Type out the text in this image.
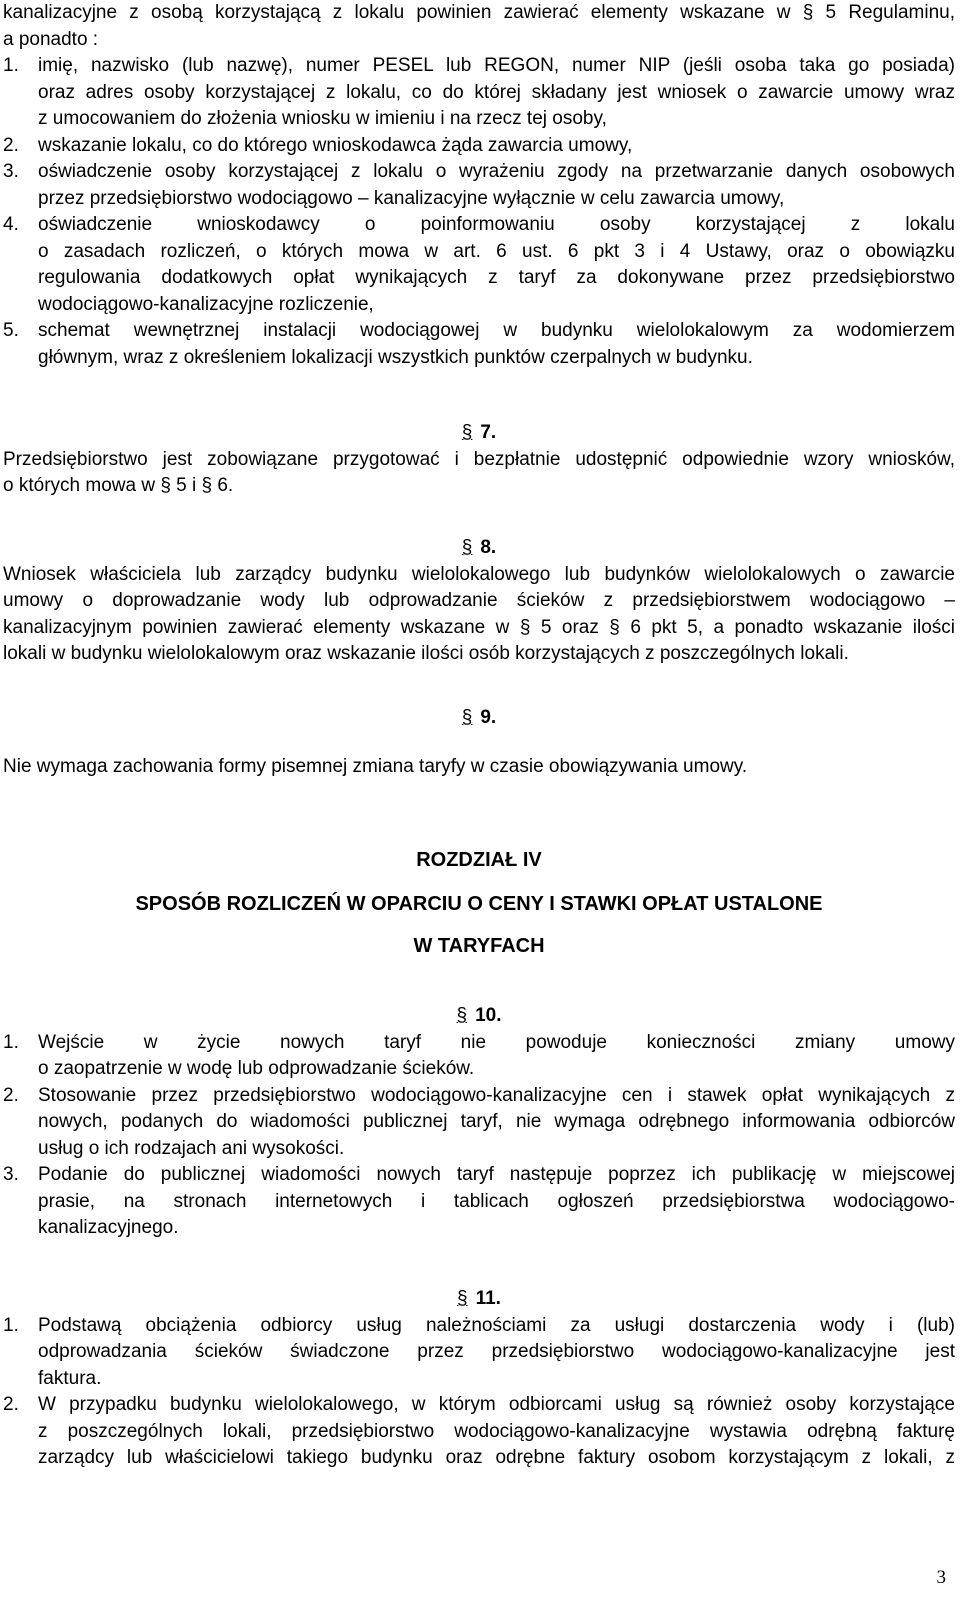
kanalizacyjne z osobą korzystającą z lokalu powinien zawierać elementy wskazane w § 5 Regulaminu,

a ponadto :

1.	imię, nazwisko (lub nazwę), numer PESEL lub REGON, numer NIP (jeśli osoba taka go posiada)

oraz adres osoby korzystającej z lokalu, co do której składany jest wniosek o zawarcie umowy wraz

z umocowaniem do złożenia wniosku w imieniu i na rzecz tej osoby,

2.	wskazanie lokalu, co do którego wnioskodawca żąda zawarcia umowy,

3.	oświadczenie osoby korzystającej z lokalu o wyrażeniu zgody na przetwarzanie danych osobowych

przez przedsiębiorstwo wodociągowo – kanalizacyjne wyłącznie w celu zawarcia umowy,

4.	oświadczenie wnioskodawcy o poinformowaniu osoby korzystającej z lokalu

o zasadach rozliczeń, o których mowa w art. 6 ust. 6 pkt 3 i 4 Ustawy, oraz o obowiązku

regulowania dodatkowych opłat wynikających z taryf za dokonywane przez przedsiębiorstwo

wodociągowo-kanalizacyjne rozliczenie,

5.	schemat wewnętrznej instalacji wodociągowej w budynku wielolokalowym za wodomierzem

głównym, wraz z określeniem lokalizacji wszystkich punktów czerpalnych w budynku.

§ 7.

Przedsiębiorstwo jest zobowiązane przygotować i bezpłatnie udostępnić odpowiednie wzory wniosków,

o których mowa w § 5 i § 6.

§ 8.

Wniosek właściciela lub zarządcy budynku wielolokalowego lub budynków wielolokalowych o zawarcie

umowy o doprowadzanie wody lub odprowadzanie ścieków z przedsiębiorstwem wodociągowo –

kanalizacyjnym powinien zawierać elementy wskazane w § 5 oraz § 6 pkt 5, a ponadto wskazanie ilości

lokali w budynku wielolokalowym oraz wskazanie ilości osób korzystających z poszczególnych lokali.

§ 9.

Nie wymaga zachowania formy pisemnej zmiana taryfy w czasie obowiązywania umowy.

ROZDZIAŁ IV

SPOSÓB ROZLICZEŃ W OPARCIU O CENY I STAWKI OPŁAT USTALONE

W TARYFACH

§ 10.

1.	Wejście w życie nowych taryf nie powoduje konieczności zmiany umowy

o zaopatrzenie w wodę lub odprowadzanie ścieków.

2.	Stosowanie przez przedsiębiorstwo wodociągowo-kanalizacyjne cen i stawek opłat wynikających z

nowych, podanych do wiadomości publicznej taryf, nie wymaga odrębnego informowania odbiorców

usług o ich rodzajach ani wysokości.

3.	Podanie do publicznej wiadomości nowych taryf następuje poprzez ich publikację w miejscowej

prasie, na stronach internetowych i tablicach ogłoszeń przedsiębiorstwa wodociągowo-

kanalizacyjnego.

§ 11.

1.	Podstawą obciążenia odbiorcy usług należnościami za usługi dostarczenia wody i (lub)

odprowadzania ścieków świadczone przez przedsiębiorstwo wodociągowo-kanalizacyjne jest

faktura.

2.	W przypadku budynku wielolokalowego, w którym odbiorcami usług są również osoby korzystające

z poszczególnych lokali, przedsiębiorstwo wodociągowo-kanalizacyjne wystawia odrębną fakturę

zarządcy lub właścicielowi takiego budynku oraz odrębne faktury osobom korzystającym z lokali, z

3
